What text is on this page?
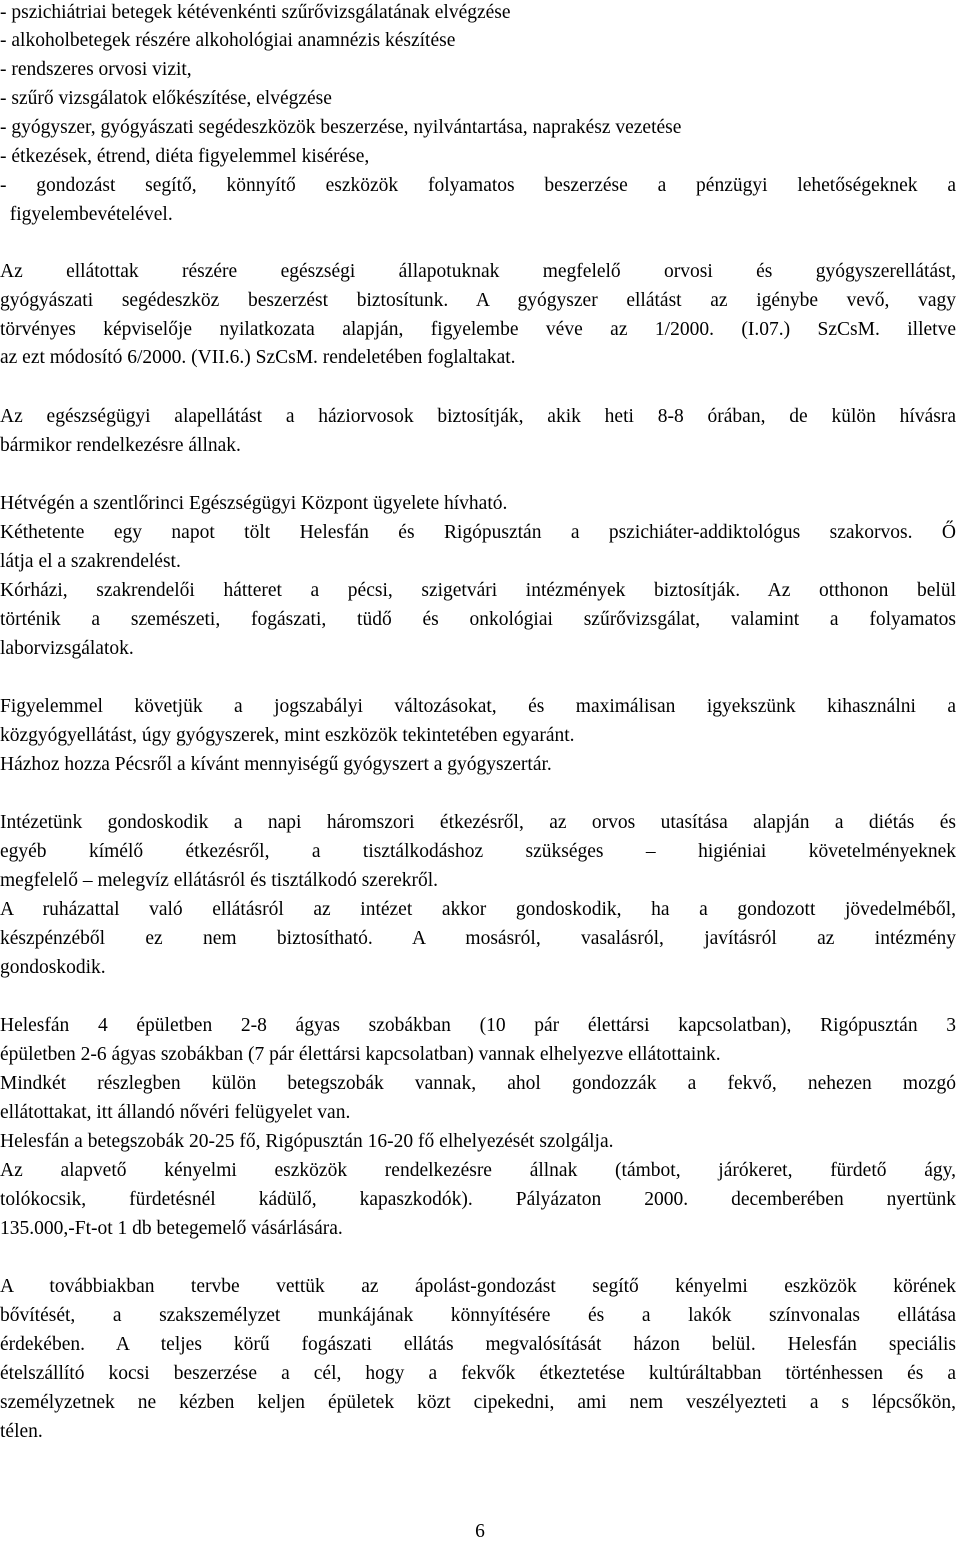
- pszichiátriai betegek kétévenkénti szűrővizsgálatának elvégzése

- alkoholbetegek részére alkohológiai anamnézis készítése

- rendszeres orvosi vizit,

- szűrő vizsgálatok előkészítése, elvégzése

- gyógyszer, gyógyászati segédeszközök beszerzése, nyilvántartása, naprakész vezetése

- étkezések, étrend, diéta figyelemmel kisérése,

- gondozást segítő, könnyítő eszközök folyamatos beszerzése a pénzügyi lehetőségeknek a

figyelembevételével.

Az ellátottak részére egészségi állapotuknak megfelelő orvosi és gyógyszerellátást,

gyógyászati segédeszköz beszerzést biztosítunk. A gyógyszer ellátást az igénybe vevő, vagy

törvényes képviselője nyilatkozata alapján, figyelembe véve az 1/2000. (I.07.) SzCsM. illetve

az ezt módosító 6/2000. (VII.6.) SzCsM. rendeletében foglaltakat.

Az egészségügyi alapellátást a háziorvosok biztosítják, akik heti 8-8 órában, de külön hívásra

bármikor rendelkezésre állnak.

Hétvégén a szentlőrinci Egészségügyi Központ ügyelete hívható.

Kéthetente egy napot tölt Helesfán és Rigópusztán a pszichiáter-addiktológus szakorvos. Ő

látja el a szakrendelést.

Kórházi, szakrendelői hátteret a pécsi, szigetvári intézmények biztosítják. Az otthonon belül

történik a szemészeti, fogászati, tüdő és onkológiai szűrővizsgálat, valamint a folyamatos

laborvizsgálatok.

Figyelemmel követjük a jogszabályi változásokat, és maximálisan igyekszünk kihasználni a

közgyógyellátást, úgy gyógyszerek, mint eszközök tekintetében egyaránt.

Házhoz hozza Pécsről a kívánt mennyiségű gyógyszert a gyógyszertár.

Intézetünk gondoskodik a napi háromszori étkezésről, az orvos utasítása alapján a diétás és

egyéb kímélő étkezésről, a tisztálkodáshoz szükséges – higiéniai követelményeknek

megfelelő – melegvíz ellátásról és tisztálkodó szerekről.

A ruházattal való ellátásról az intézet akkor gondoskodik, ha a gondozott jövedelméből,

készpénzéből ez nem biztosítható. A mosásról, vasalásról, javításról az intézmény

gondoskodik.

Helesfán 4 épületben 2-8 ágyas szobákban (10 pár élettársi kapcsolatban), Rigópusztán 3

épületben 2-6 ágyas szobákban (7 pár élettársi kapcsolatban) vannak elhelyezve ellátottaink.

Mindkét részlegben külön betegszobák vannak, ahol gondozzák a fekvő, nehezen mozgó

ellátottakat, itt állandó nővéri felügyelet van.

Helesfán a betegszobák 20-25 fő, Rigópusztán 16-20 fő elhelyezését szolgálja.

Az alapvető kényelmi eszközök rendelkezésre állnak (támbot, járókeret, fürdető ágy,

tolókocsik, fürdetésnél kádülő, kapaszkodók). Pályázaton 2000. decemberében nyertünk

135.000,-Ft-ot 1 db betegemelő vásárlására.

A továbbiakban tervbe vettük az ápolást-gondozást segítő kényelmi eszközök körének

bővítését, a szakszemélyzet munkájának könnyítésére és a lakók színvonalas ellátása

érdekében. A teljes körű fogászati ellátás megvalósítását házon belül. Helesfán speciális

ételszállító kocsi beszerzése a cél, hogy a fekvők étkeztetése kultúráltabban történhessen és a

személyzetnek ne kézben keljen épületek közt cipekedni, ami nem veszélyezteti a s lépcsőkön,

télen.

6
